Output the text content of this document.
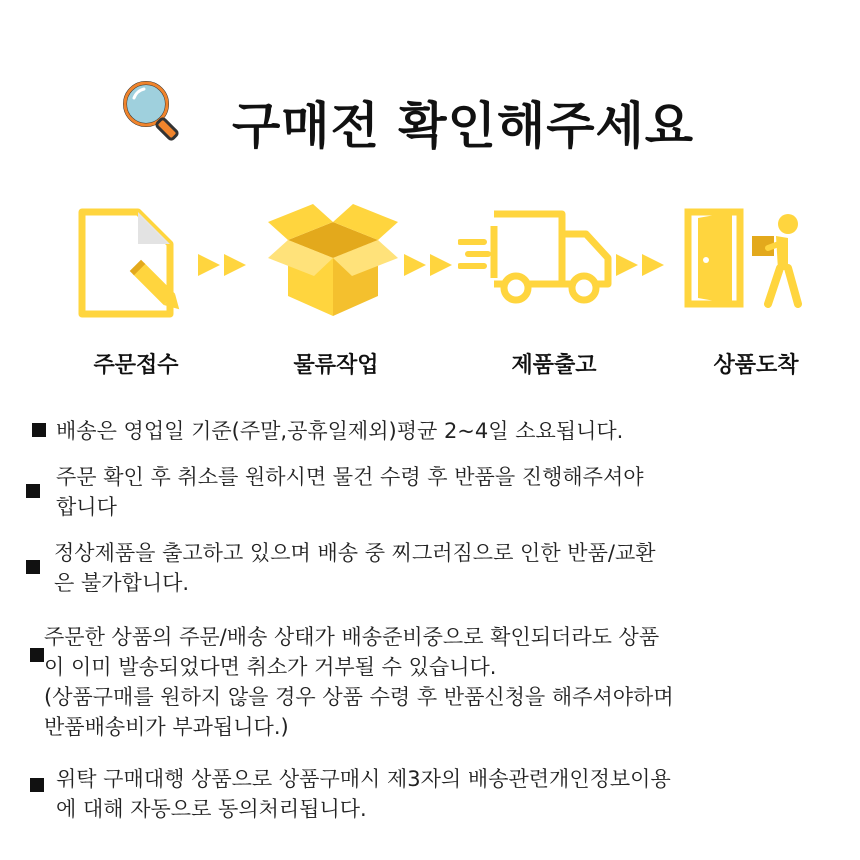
구매전 확인해주세요
주문접수	물류작업	제품출고	상품도착
배송은 영업일 기준(주말,공휴일제외)평균 2~4일 소요됩니다.
주문 확인 후 취소를 원하시면 물건 수령 후 반품을 진행해주셔야
합니다
정상제품을 출고하고 있으며 배송 중 찌그러짐으로 인한 반품/교환
은 불가합니다.
주문한 상품의 주문/배송 상태가 배송준비중으로 확인되더라도 상품
이 이미 발송되었다면 취소가 거부될 수 있습니다.
(상품구매를 원하지 않을 경우 상품 수령 후 반품신청을 해주셔야하며
반품배송비가 부과됩니다.)
위탁 구매대행 상품으로 상품구매시 제3자의 배송관련개인정보이용
에 대해 자동으로 동의처리됩니다.
